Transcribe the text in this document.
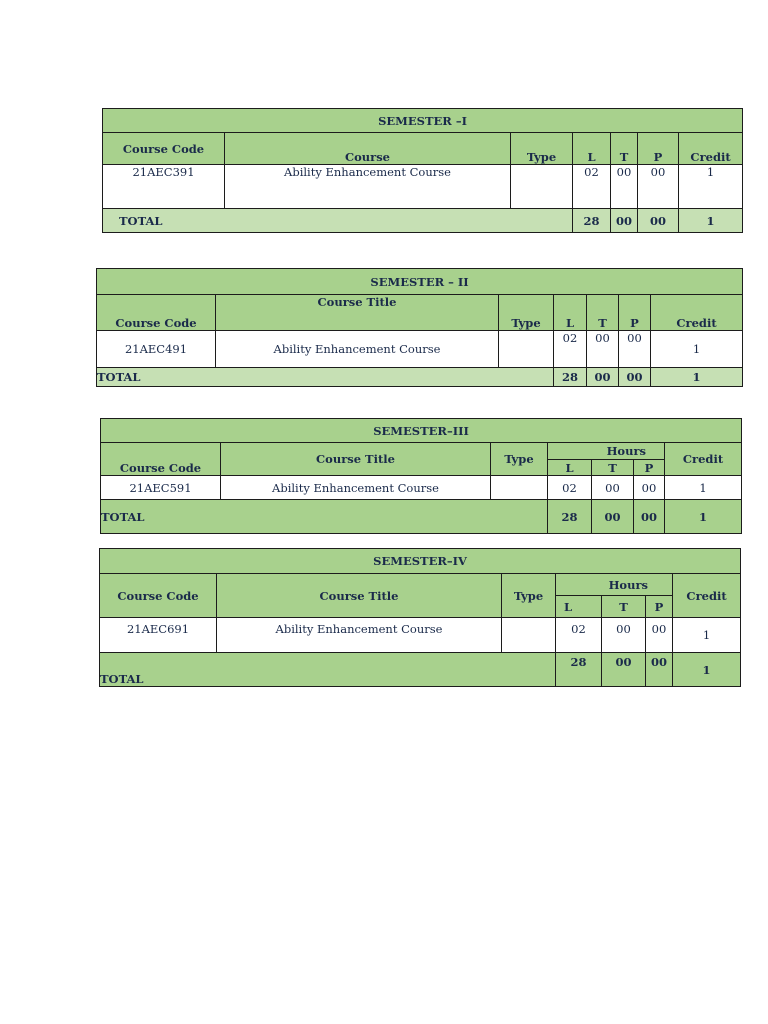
SEMESTER –I						
Course Code	Course	Type	L	T	P	Credit
21AEC391	Ability Enhancement Course		02	00	00	1
TOTAL			28	00	00	1
SEMESTER – II						
Course Code	Course Title	Type	L	T	P	Credit
21AEC491	Ability Enhancement Course		02	00	00	1
TOTAL			28	00	00	1
SEMESTER–III						
Course Code	Course Title	Type	Hours			Credit
			L	T	P	
21AEC591	Ability Enhancement Course		02	00	00	1
TOTAL			28	00	00	1
SEMESTER–IV						
Course Code	Course Title	Type	Hours			Credit
			L	T	P	
21AEC691	Ability Enhancement Course		02	00	00	1
TOTAL			28	00	00	1
